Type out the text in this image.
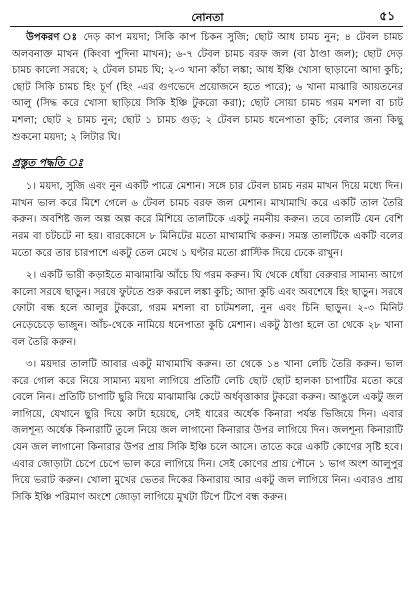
নোনতা	৫১

উপকরণ ঃ দেড় কাপ ময়দা; সিকি কাপ চিকন সুজি; ছোট আধ চামচ নুন; ৪ টেবল চামচ অলবনাক্ত মাখন (কিংবা পুদিনা মাখন); ৬-৭ টেবল চামচ বরফ জল (বা ঠাণ্ডা জল); ছোট দেড় চামচ কালো সরষে; ২ টেবল চামচ ঘি; ২-৩ খানা কাঁচা লঙ্কা; আধ ইঞ্চি খোসা ছাড়ানো আদা কুচি; ছোট সিকি চামচ হিং চূর্ণ (হিং -এর গুণভেদে প্রয়োজনে হতে পারে); ৬ খানা মাঝারি আয়তনের আলু (সিদ্ধ করে খোসা ছাড়িয়ে সিকি ইঞ্চি টুকরো করা); ছোট সোয়া চামচ গরম মশলা বা চাট মশলা; ছোট ২ চামচ নুন; ছোট ১ চামচ গুড়; ২ টেবল চামচ ধনেপাতা কুচি; বেলার জন্য কিছু শুকনো ময়দা; ২ লিটার ঘি।

প্রস্তুত পদ্ধতি ঃ

১। ময়দা, সুজি এবং নুন একটি পাত্রে মেশান। সঙ্গে চার টেবল চামচ নরম মাখন দিয়ে মধ্যে দিন। মাখন ভাল করে মিশে গেলে ৬ টেবল চামচ বরফ জল মেশান। মাখামাখি করে একটি তাল তৈরি করুন। অবশিষ্ট জল অল্প অল্প করে মিশিয়ে তালটিকে একটু নমনীয় করুন। তবে তালটি যেন বেশি নরম বা চটচটে না হয়। বারকোসে ৮ মিনিটের মতো মাখামাখি করুন। সমস্ত তালটিকে একটি বলের মতো করে তার চারপাশে একটু তেল মেখে ১ ঘণ্টার মতো প্লাস্টিক দিয়ে ঢেকে রাখুন।

২। একটি ভারী কড়াইতে মাঝামাঝি আঁচে ঘি গরম করুন। ঘি থেকে ধোঁয়া বেরুবার সামান্য আগে কালো সরষে ছাড়ুন। সরষে ফুটতে শুরু করলে লঙ্কা কুচি; আদা কুচি এবং অবশেষে হিং ছাড়ুন। সরষে ফোটা বন্ধ হলে আলুর টুকরো, গরম মশলা বা চাটমশলা, নুন এবং চিনি ছাড়ুন। ২-৩ মিনিট নেড়েচেড়ে ভাজুন। আঁচ-থেকে নামিয়ে ধনেপাতা কুচি মেশান। একটু ঠাণ্ডা হলে তা থেকে ২৮ খানা বল তৈরি করুন।

৩। ময়দার তালটি আবার একটু মাখামাখি করুন। তা থেকে ১৪ খানা লেচি তৈরি করুন। ভাল করে গোল করে নিয়ে সামান্য ময়দা লাগিয়ে প্রতিটি লেচি ছোট ছোট হালকা চাপাটির মতো করে বেলে নিন। প্রতিটি চাপাটি ছুরি দিয়ে মাঝামাঝি কেটে অর্ধবৃত্তাকার টুকরো করুন। আঙুলে একটু জল লাগিয়ে, যেখানে ছুরি দিয়ে কাটা হয়েছে, সেই ধারের অর্ধেক কিনারা পর্যন্ত ভিজিয়ে দিন। এবার জলশূন্য অর্ধেক কিনারাটি তুলে নিয়ে জল লাগানো কিনারার উপর লাগিয়ে দিন। জলশূন্য কিনারাটি যেন জল লাগানো কিনারার উপর প্রায় সিকি ইঞ্চি চলে আসে। তাতে করে একটি কোণের সৃষ্টি হবে। এবার জোড়াটা চেপে চেপে ভাল করে লাগিয়ে দিন। সেই কোণের প্রায় পৌনে ১ ভাগ অংশ আলুপুর দিয়ে ভরাট করুন। খোলা মুখের ভেতর দিকের কিনারায় আর একটু জল লাগিয়ে নিন। এবারও প্রায় সিকি ইঞ্চি পরিমাণ অংশে জোড়া লাগিয়ে মুখটা টিপে টিপে বন্ধ করুন।
